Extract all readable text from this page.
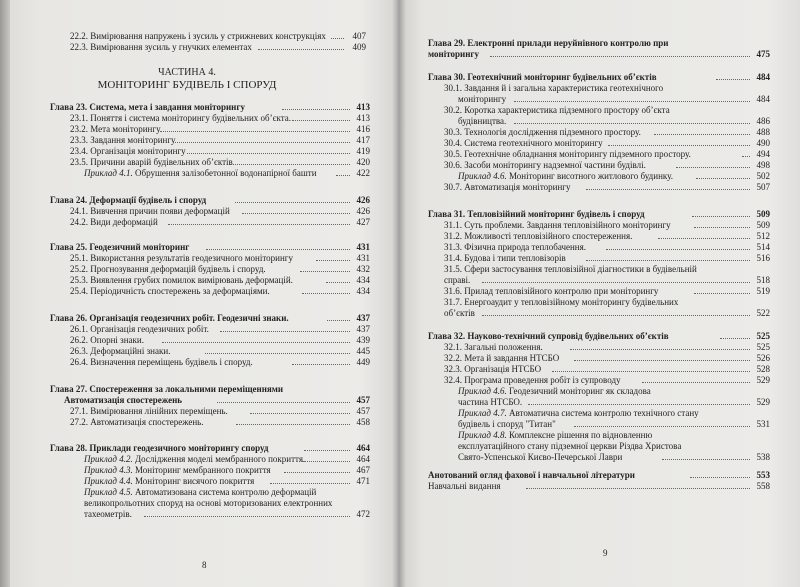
22.2. Вимірювання напружень і зусиль у стрижневих конструкціях	407
22.3. Вимірювання зусиль у гнучких елементах	409
ЧАСТИНА 4.
МОНІТОРИНГ БУДІВЕЛЬ І СПОРУД
Глава 23. Система, мета і завдання моніторингу	413
23.1. Поняття і система моніторингу будівельних об’єкта.	413
23.2. Мета моніторингу	416
23.3. Завдання моніторингу	417
23.4. Організація моніторингу	419
23.5. Причини аварій будівельних об’єктів	420
Приклад 4.1. Обрушення залізобетонної водонапірної башти	422
Глава 24. Деформації будівель і споруд	426
24.1. Вивчення причин появи деформацій	426
24.2. Види деформацій	427
Глава 25. Геодезичний моніторинг	431
25.1. Використання результатів геодезичного моніторингу	431
25.2. Прогнозування деформацій будівель і споруд.	432
25.3. Виявлення грубих помилок вимірювань деформацій.	434
25.4. Періодичність спостережень за деформаціями.	434
Глава 26. Організація геодезичних робіт. Геодезичні знаки.	437
26.1. Організація геодезичних робіт.	437
26.2. Опорні знаки.	439
26.3. Деформаційні знаки.	445
26.4. Визначення переміщень будівель і споруд.	449
Глава 27. Спостереження за локальними переміщеннями
Автоматизація спостережень	457
27.1. Вимірювання лінійних переміщень.	457
27.2. Автоматизація спостережень.	458
Глава 28. Приклади геодезичного моніторингу споруд	464
Приклад 4.2. Дослідження моделі мембранного покриття.	464
Приклад 4.3. Моніторинг мембранного покриття	467
Приклад 4.4. Моніторинг висячого покриття	471
Приклад 4.5. Автоматизована система контролю деформацій
великопрольотних споруд на основі моторизованих електронних
тахеометрів.	472
8
Глава 29. Електронні прилади неруйнівного контролю при
моніторингу	475
Глава 30. Геотехнічний моніторинг будівельних об’єктів	484
30.1. Завдання й і загальна характеристика геотехнічного
моніторингу	484
30.2. Коротка характеристика підземного простору об’єкта
будівництва.	486
30.3. Технологія дослідження підземного простору.	488
30.4. Система геотехнічного моніторингу	490
30.5. Геотехнічне обладнання моніторингу підземного простору.	494
30.6. Засоби моніторингу надземної частини будівлі.	498
Приклад 4.6. Моніторинг висотного житлового будинку.	502
30.7. Автоматизація моніторингу	507
Глава 31. Тепловізійний моніторинг будівель і споруд	509
31.1. Суть проблеми. Завдання тепловізійного моніторингу	509
31.2. Можливості тепловізійного спостереження.	512
31.3. Фізична природа теплобачення.	514
31.4. Будова і типи тепловізорів	516
31.5. Сфери застосування тепловізійної діагностики в будівельній
справі.	518
31.6. Прилад тепловізійного контролю при моніторингу	519
31.7. Енергоаудит у тепловізійному моніторингу будівельних
об’єктів	522
Глава 32. Науково-технічний супровід будівельних об’єктів	525
32.1. Загальні положення.	525
32.2. Мета й завдання НТСБО	526
32.3. Організація НТСБО	528
32.4. Програма проведення робіт із супроводу	529
Приклад 4.6. Геодезичний моніторинг як складова
частина НТСБО.	529
Приклад 4.7. Автоматична система контролю технічного стану
будівель і споруд "Титан"	531
Приклад 4.8. Комплексне рішення по відновленню
експлуатаційного стану підземної церкви Різдва Христова
Свято-Успенської Києво-Печерської Лаври	538
Анотований огляд фахової і навчальної літератури	553
Навчальні видання	558
9
